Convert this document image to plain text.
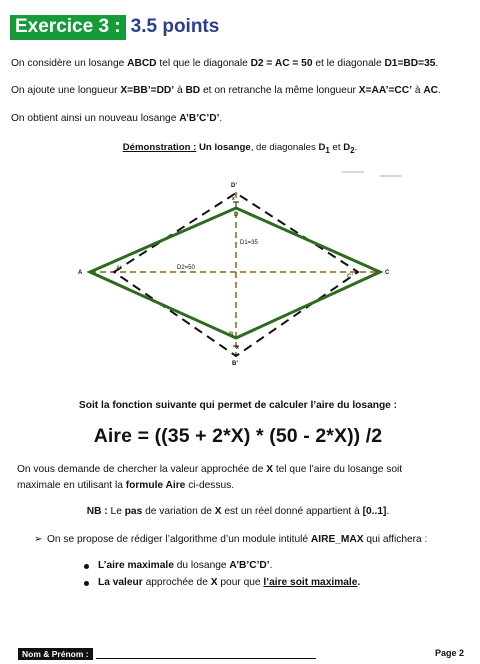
Exercice 3 : 3.5 points
On considère un losange ABCD tel que le diagonale D2 = AC = 50 et le diagonale D1=BD=35.
On ajoute une longueur X=BB’=DD’ à BD et on retranche la même longueur X=AA’=CC’ à AC.
On obtient ainsi un nouveau losange A’B’C’D’.
Démonstration : Un losange, de diagonales $D_1$ et $D_2$.
A
A’
C
C’
D’
x
D
B
x
B’
D1=35
D2=50
Soit la fonction suivante qui permet de calculer l’aire du losange :
Aire = ((35 + 2*X) * (50 - 2*X)) /2
On vous demande de chercher la valeur approchée de X tel que l’aire du losange soit
maximale en utilisant la formule Aire ci-dessus.
NB : Le pas de variation de X est un réel donné appartient à [0..1].
➢ On se propose de rédiger l’algorithme d’un module intitulé AIRE_MAX qui affichera :
L’aire maximale du losange A’B’C’D’.
La valeur approchée de X pour que l’aire soit maximale.
Nom & Prénom :	Page 2
